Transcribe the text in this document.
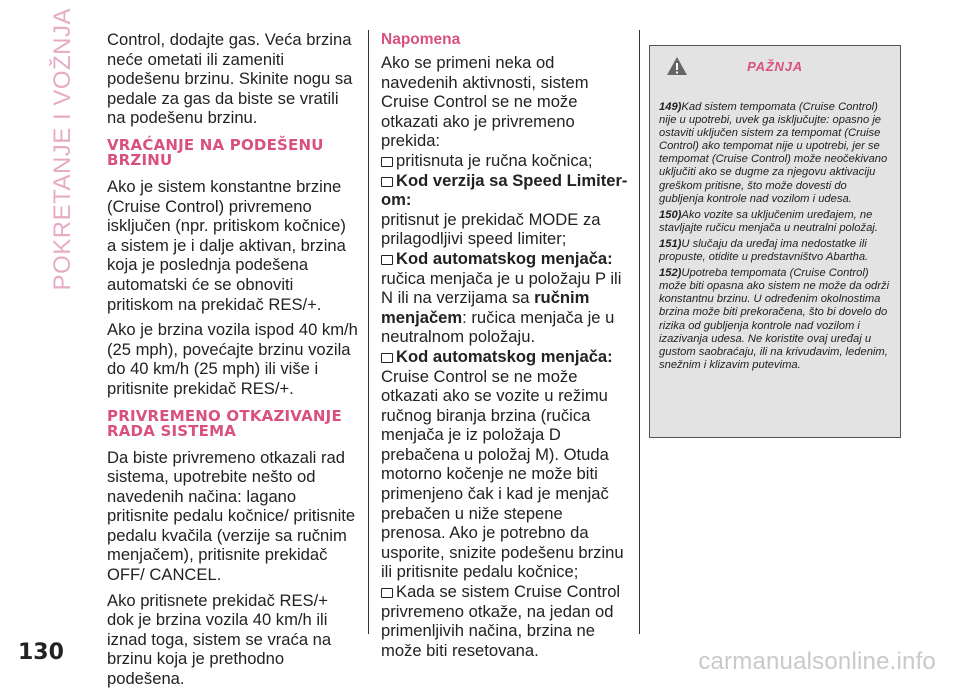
POKRETANJE I VOŽNJA Control, dodajte gas. Veća brzina neće ometati ili zameniti podešenu brzinu. Skinite nogu sa pedale za gas da biste se vratili na podešenu brzinu.

VRAĆANJE NA PODEŠENU BRZINU

Ako je sistem konstantne brzine (Cruise Control) privremeno isključen (npr. pritiskom kočnice) a sistem je i dalje aktivan, brzina koja je poslednja podešena automatski će se obnoviti pritiskom na prekidač RES/+.

Ako je brzina vozila ispod 40 km/h (25 mph), povećajte brzinu vozila do 40 km/h (25 mph) ili više i pritisnite prekidač RES/+.

PRIVREMENO OTKAZIVANJE RADA SISTEMA

Da biste privremeno otkazali rad sistema, upotrebite nešto od navedenih načina: lagano pritisnite pedalu kočnice/ pritisnite pedalu kvačila (verzije sa ručnim menjačem), pritisnite prekidač OFF/ CANCEL.

Ako pritisnete prekidač RES/+ dok je brzina vozila 40 km/h ili iznad toga, sistem se vraća na brzinu koja je prethodno podešena.

Napomena

Ako se primeni neka od navedenih aktivnosti, sistem Cruise Control se ne može otkazati ako je privremeno prekida:

pritisnuta je ručna kočnica;

Kod verzija sa Speed Limiter-om:

pritisnut je prekidač MODE za prilagodljivi speed limiter;

Kod automatskog menjača: ručica menjača je u položaju P ili N ili na verzijama sa ručnim menjačem: ručica menjača je u neutralnom položaju.

Kod automatskog menjača:

Cruise Control se ne može otkazati ako se vozite u režimu ručnog biranja brzina (ručica menjača je iz položaja D prebačena u položaj M). Otuda motorno kočenje ne može biti primenjeno čak i kad je menjač prebačen u niže stepene prenosa. Ako je potrebno da usporite, snizite podešenu brzinu ili pritisnite pedalu kočnice;

Kada se sistem Cruise Control privremeno otkaže, na jedan od primenljivih načina, brzina ne može biti resetovana.

PAŽNJA

149)Kad sistem tempomata (Cruise Control) nije u upotrebi, uvek ga isključujte: opasno je ostaviti uključen sistem za tempomat (Cruise Control) ako tempomat nije u upotrebi, jer se tempomat (Cruise Control) može neočekivano uključiti ako se dugme za njegovu aktivaciju greškom pritisne, što može dovesti do gubljenja kontrole nad vozilom i udesa.

150)Ako vozite sa uključenim uređajem, ne stavljajte ručicu menjača u neutralni položaj.

151)U slučaju da uređaj ima nedostatke ili propuste, otidite u predstavništvo Abartha.

152)Upotreba tempomata (Cruise Control) može biti opasna ako sistem ne može da održi konstantnu brzinu. U određenim okolnostima brzina može biti prekoračena, što bi dovelo do rizika od gubljenja kontrole nad vozilom i izazivanja udesa. Ne koristite ovaj uređaj u gustom saobraćaju, ili na krivudavim, ledenim, snežnim i klizavim putevima.

130	carmanualsonline.info
